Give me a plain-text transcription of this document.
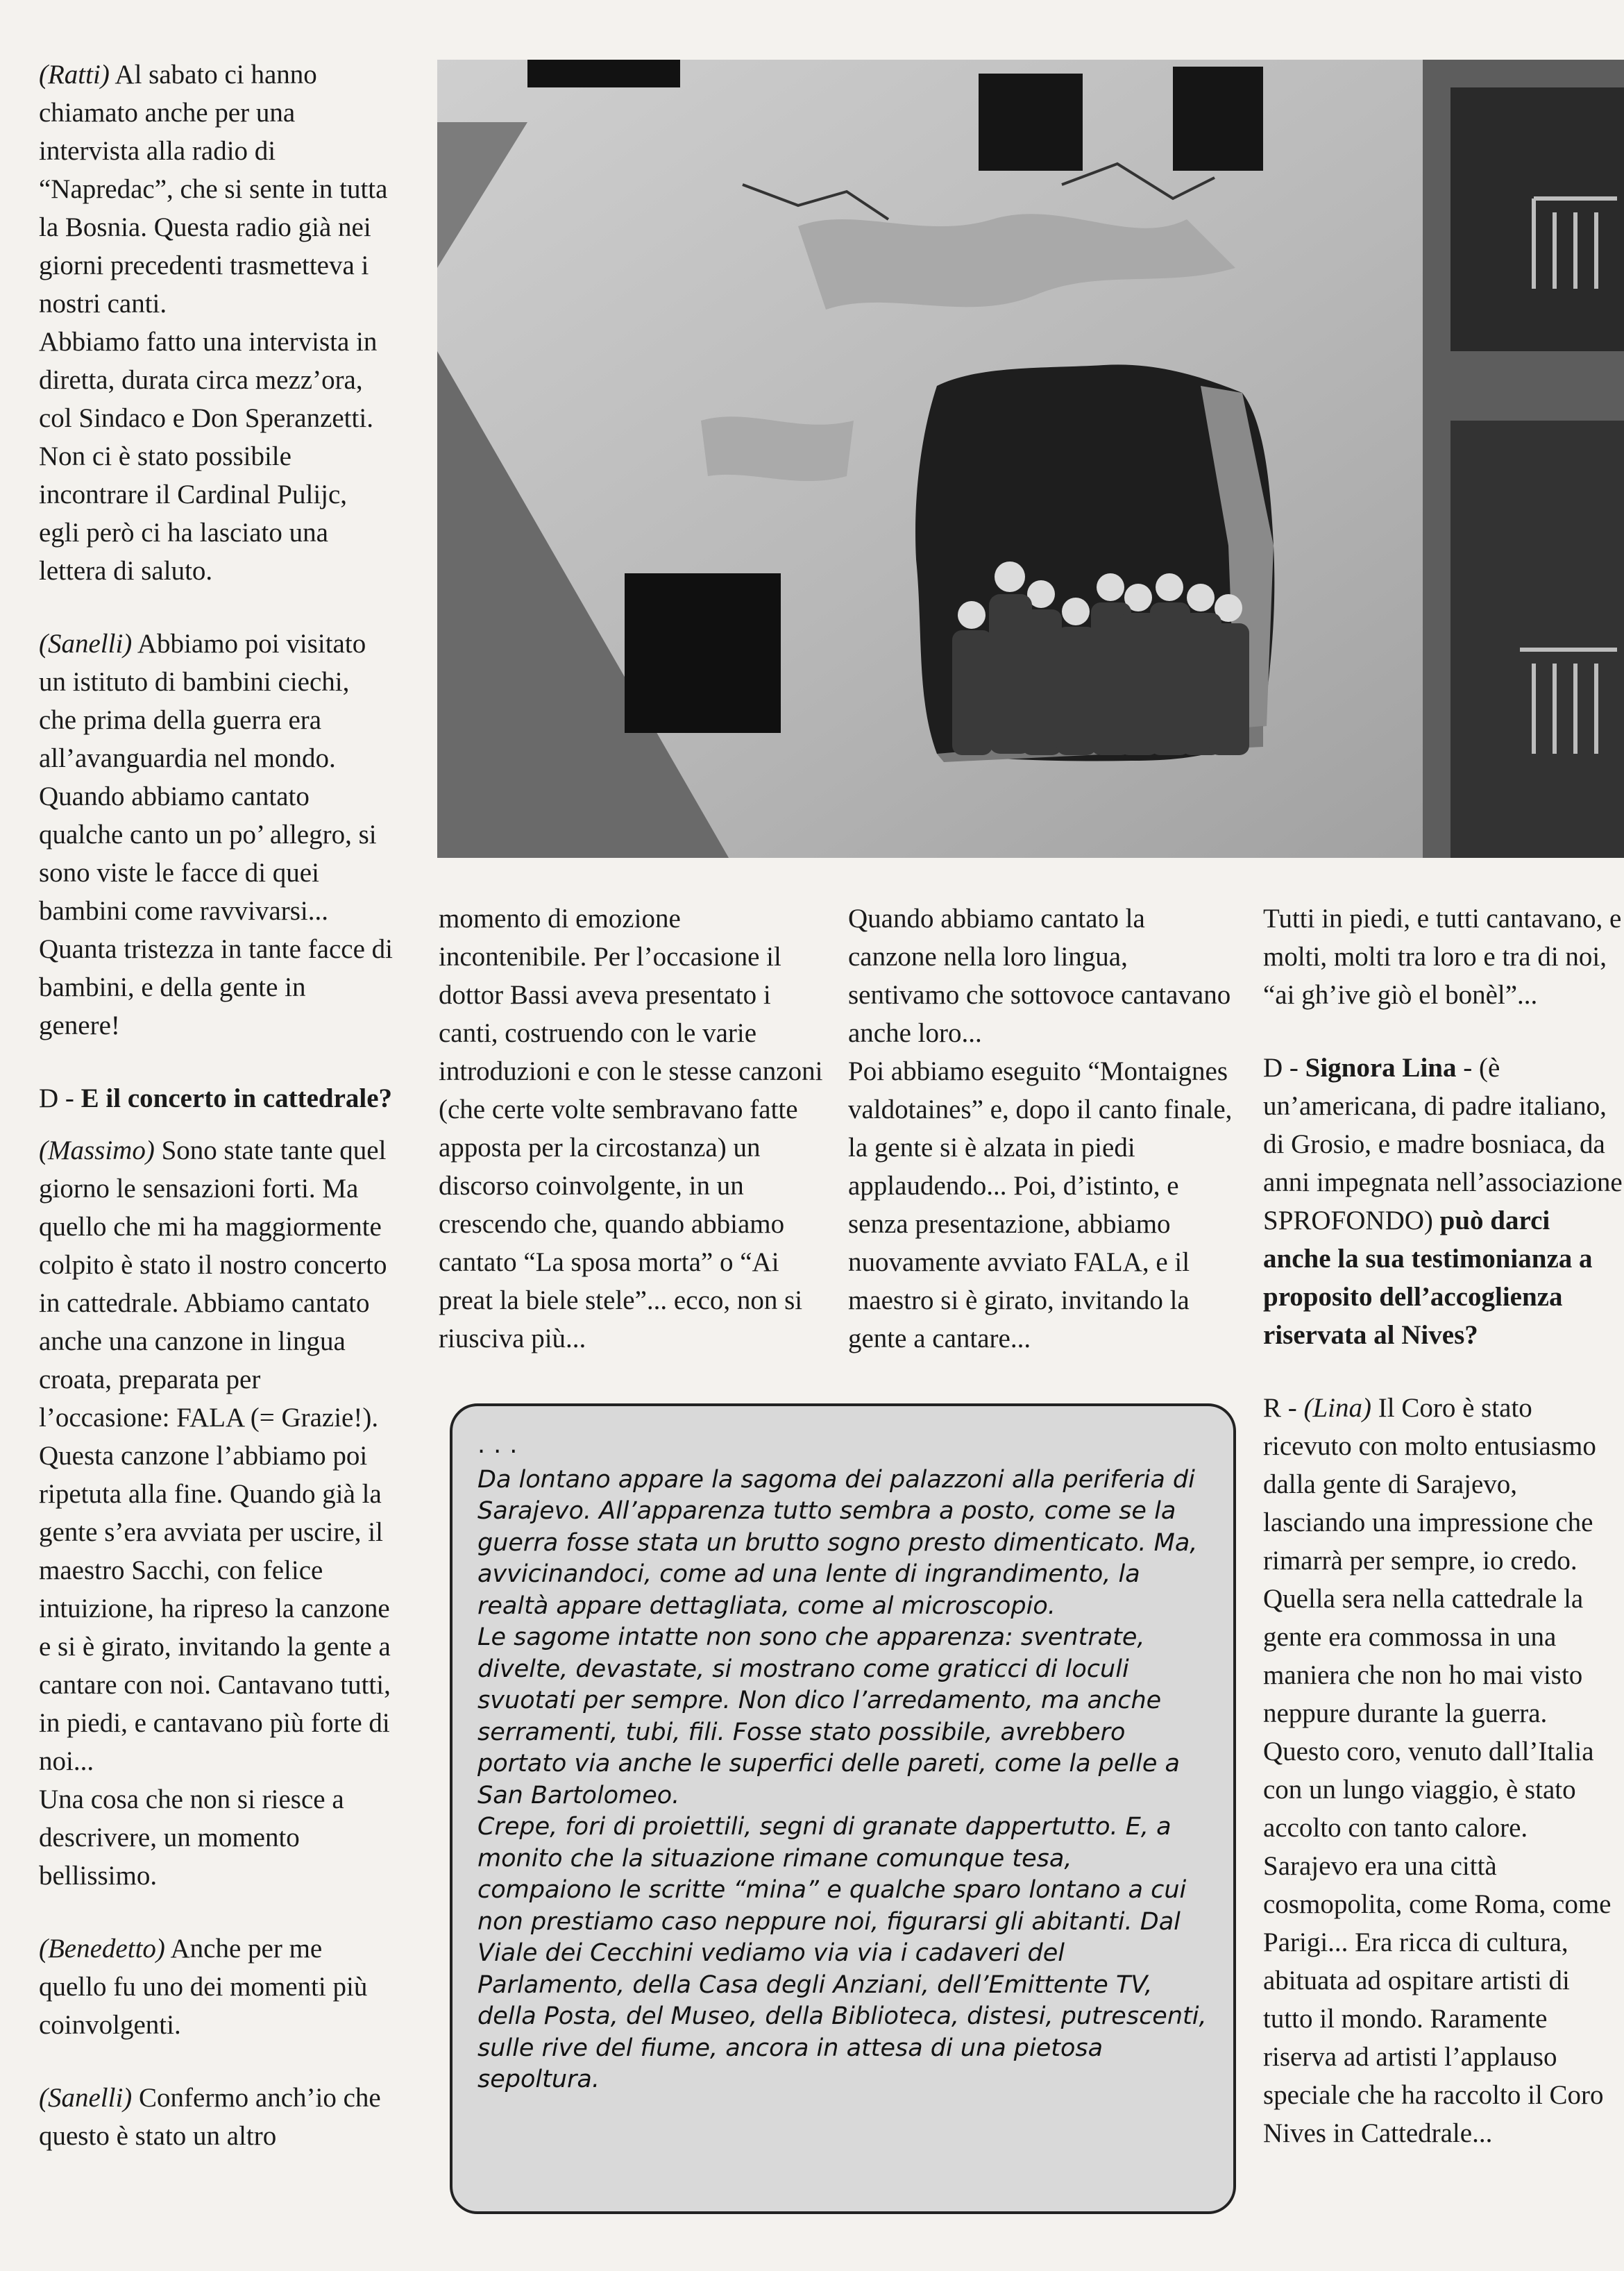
(Ratti) Al sabato ci hanno chiamato anche per una intervista alla radio di “Napredac”, che si sente in tutta la Bosnia. Questa radio già nei giorni precedenti trasmetteva i nostri canti.

Abbiamo fatto una intervista in diretta, durata circa mezz’ora, col Sindaco e Don Speranzetti.

Non ci è stato possibile incontrare il Cardinal Pulijc, egli però ci ha lasciato una lettera di saluto.

(Sanelli) Abbiamo poi visitato un istituto di bambini ciechi, che prima della guerra era all’avanguardia nel mondo. Quando abbiamo cantato qualche canto un po’ allegro, si sono viste le facce di quei bambini come ravvivarsi... Quanta tristezza in tante facce di bambini, e della gente in genere!

D - E il concerto in cattedrale?

(Massimo) Sono state tante quel giorno le sensazioni forti. Ma quello che mi ha maggiormente colpito è stato il nostro concerto in cattedrale. Abbiamo cantato anche una canzone in lingua croata, preparata per l’occasione: FALA (= Grazie!).

Questa canzone l’abbiamo poi ripetuta alla fine. Quando già la gente s’era avviata per uscire, il maestro Sacchi, con felice intuizione, ha ripreso la canzone e si è girato, invitando la gente a cantare con noi. Cantavano tutti, in piedi, e cantavano più forte di noi...

Una cosa che non si riesce a descrivere, un momento bellissimo.

(Benedetto) Anche per me quello fu uno dei momenti più coinvolgenti.

(Sanelli) Confermo anch’io che questo è stato un altro

momento di emozione incontenibile. Per l’occasione il dottor Bassi aveva presentato i canti, costruendo con le varie introduzioni e con le stesse canzoni (che certe volte sembravano fatte apposta per la circostanza) un discorso coinvolgente, in un crescendo che, quando abbiamo cantato “La sposa morta” o “Ai preat la biele stele”... ecco, non si riusciva più...

Quando abbiamo cantato la canzone nella loro lingua, sentivamo che sottovoce cantavano anche loro...

Poi abbiamo eseguito “Montaignes valdotaines” e, dopo il canto finale, la gente si è alzata in piedi applaudendo... Poi, d’istinto, e senza presentazione, abbiamo nuovamente avviato FALA, e il maestro si è girato, invitando la gente a cantare...

Tutti in piedi, e tutti cantavano, e molti, molti tra loro e tra di noi, “ai gh’ive giò el bonèl”...

D - Signora Lina - (è un’americana, di padre italiano, di Grosio, e madre bosniaca, da anni impegnata nell’associazione SPROFONDO) può darci anche la sua testimonianza a proposito dell’accoglienza riservata al Nives?

R - (Lina) Il Coro è stato ricevuto con molto entusiasmo dalla gente di Sarajevo, lasciando una impressione che rimarrà per sempre, io credo. Quella sera nella cattedrale la gente era commossa in una maniera che non ho mai visto neppure durante la guerra. Questo coro, venuto dall’Italia con un lungo viaggio, è stato accolto con tanto calore.

Sarajevo era una città cosmopolita, come Roma, come Parigi... Era ricca di cultura, abituata ad ospitare artisti di tutto il mondo. Raramente riserva ad artisti l’applauso speciale che ha raccolto il Coro Nives in Cattedrale...

...

Da lontano appare la sagoma dei palazzoni alla periferia di Sarajevo. All’apparenza tutto sembra a posto, come se la guerra fosse stata un brutto sogno presto dimenticato. Ma, avvicinandoci, come ad una lente di ingrandimento, la realtà appare dettagliata, come al microscopio.

Le sagome intatte non sono che apparenza: sventrate, divelte, devastate, si mostrano come graticci di loculi svuotati per sempre. Non dico l’arredamento, ma anche serramenti, tubi, fili. Fosse stato possibile, avrebbero portato via anche le superfici delle pareti, come la pelle a San Bartolomeo.

Crepe, fori di proiettili, segni di granate dappertutto. E, a monito che la situazione rimane comunque tesa, compaiono le scritte “mina” e qualche sparo lontano a cui non prestiamo caso neppure noi, figurarsi gli abitanti. Dal Viale dei Cecchini vediamo via via i cadaveri del Parlamento, della Casa degli Anziani, dell’Emittente TV, della Posta, del Museo, della Biblioteca, distesi, putrescenti, sulle rive del fiume, ancora in attesa di una pietosa sepoltura.
